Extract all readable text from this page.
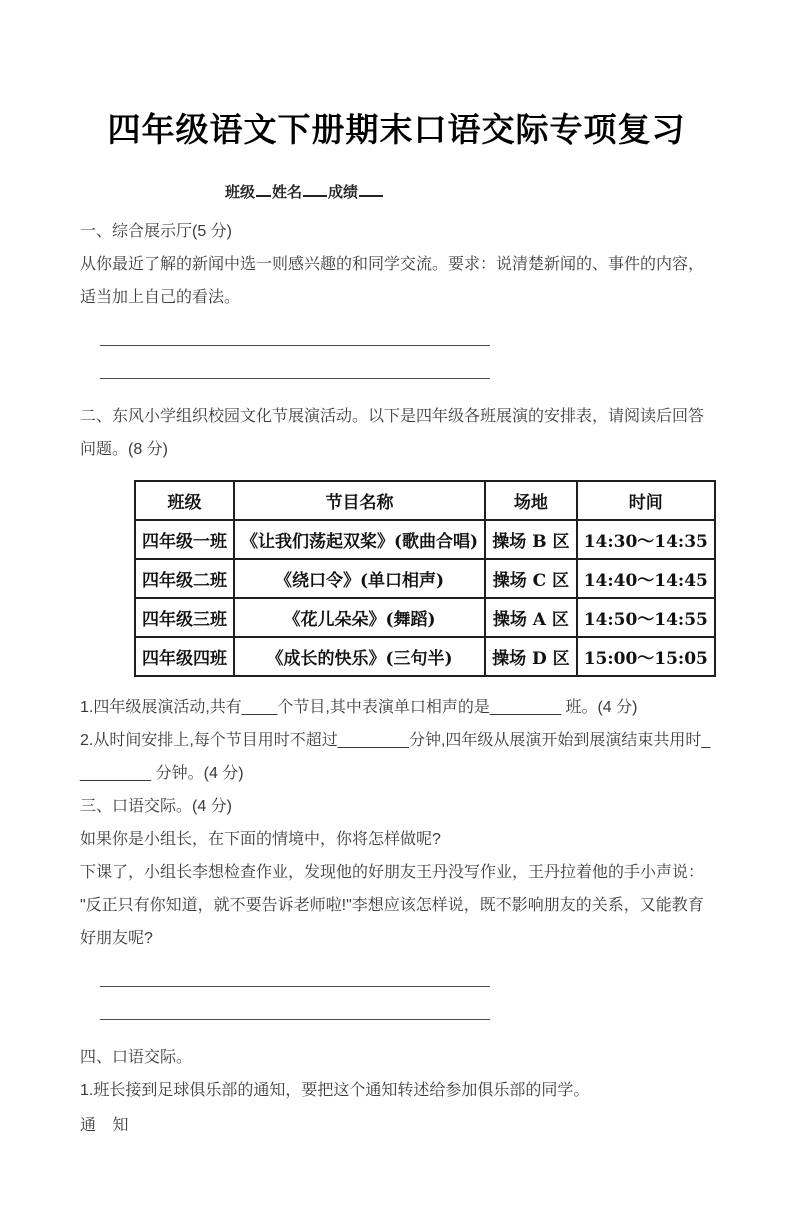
四年级语文下册期末口语交际专项复习
班级 姓名 成绩

一、综合展示厅(5 分)

从你最近了解的新闻中选一则感兴趣的和同学交流。要求：说清楚新闻的、事件的内容，

适当加上自己的看法。

二、东风小学组织校园文化节展演活动。以下是四年级各班展演的安排表，请阅读后回答

问题。(8 分)

班级	节目名称	场地	时间
四年级一班	《让我们荡起双桨》(歌曲合唱)	操场 B 区	14:30～14:35
四年级二班	《绕口令》(单口相声)	操场 C 区	14:40～14:45
四年级三班	《花儿朵朵》(舞蹈)	操场 A 区	14:50～14:55
四年级四班	《成长的快乐》(三句半)	操场 D 区	15:00～15:05

1.四年级展演活动,共有____个节目,其中表演单口相声的是________ 班。(4 分)

2.从时间安排上,每个节目用时不超过________分钟,四年级从展演开始到展演结束共用时_

________ 分钟。(4 分)

三、口语交际。(4 分)

如果你是小组长，在下面的情境中，你将怎样做呢?

下课了，小组长李想检查作业，发现他的好朋友王丹没写作业，王丹拉着他的手小声说：

"反正只有你知道，就不要告诉老师啦!"李想应该怎样说，既不影响朋友的关系，又能教育

好朋友呢?

四、口语交际。

1.班长接到足球俱乐部的通知，要把这个通知转述给参加俱乐部的同学。

通 知
